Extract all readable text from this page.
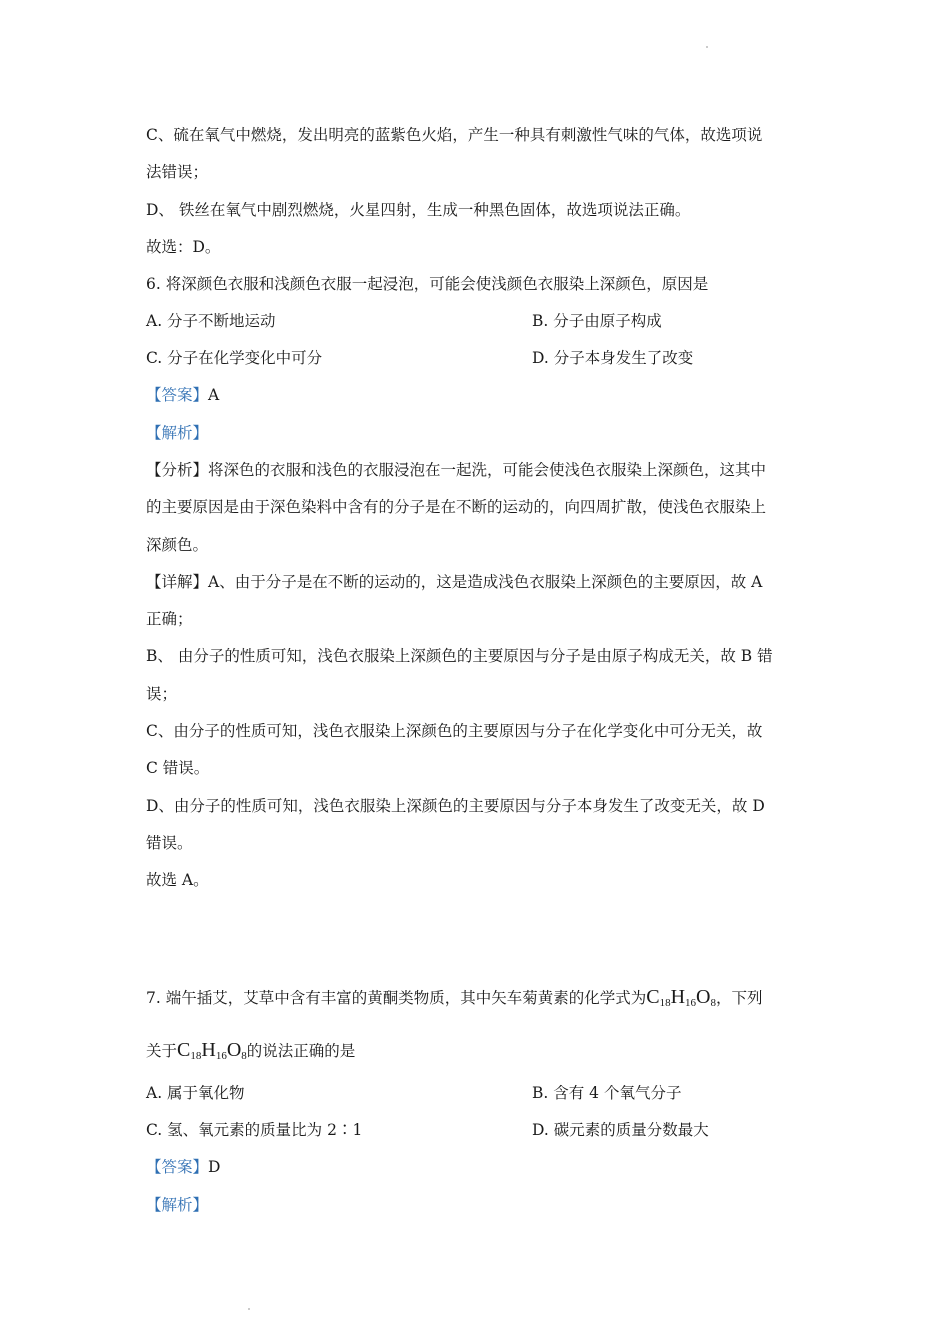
C、硫在氧气中燃烧，发出明亮的蓝紫色火焰，产生一种具有刺激性气味的气体，故选项说
法错误；
D、 铁丝在氧气中剧烈燃烧，火星四射，生成一种黑色固体，故选项说法正确。
故选：D。
6. 将深颜色衣服和浅颜色衣服一起浸泡，可能会使浅颜色衣服染上深颜色，原因是
A. 分子不断地运动	B. 分子由原子构成
C. 分子在化学变化中可分	D. 分子本身发生了改变
【答案】A
【解析】
【分析】将深色的衣服和浅色的衣服浸泡在一起洗，可能会使浅色衣服染上深颜色，这其中
的主要原因是由于深色染料中含有的分子是在不断的运动的，向四周扩散，使浅色衣服染上
深颜色。
【详解】A、由于分子是在不断的运动的，这是造成浅色衣服染上深颜色的主要原因，故 A
正确；
B、 由分子的性质可知，浅色衣服染上深颜色的主要原因与分子是由原子构成无关，故 B 错
误；
C、由分子的性质可知，浅色衣服染上深颜色的主要原因与分子在化学变化中可分无关，故
C 错误。
D、由分子的性质可知，浅色衣服染上深颜色的主要原因与分子本身发生了改变无关，故 D
错误。
故选 A。
7. 端午插艾，艾草中含有丰富的黄酮类物质，其中矢车菊黄素的化学式为$C_{18}H_{16}O_8$，下列
关于$C_{18}H_{16}O_8$的说法正确的是
A. 属于氧化物	B. 含有 4 个氧气分子
C. 氢、氧元素的质量比为 2∶1	D. 碳元素的质量分数最大
【答案】D
【解析】
